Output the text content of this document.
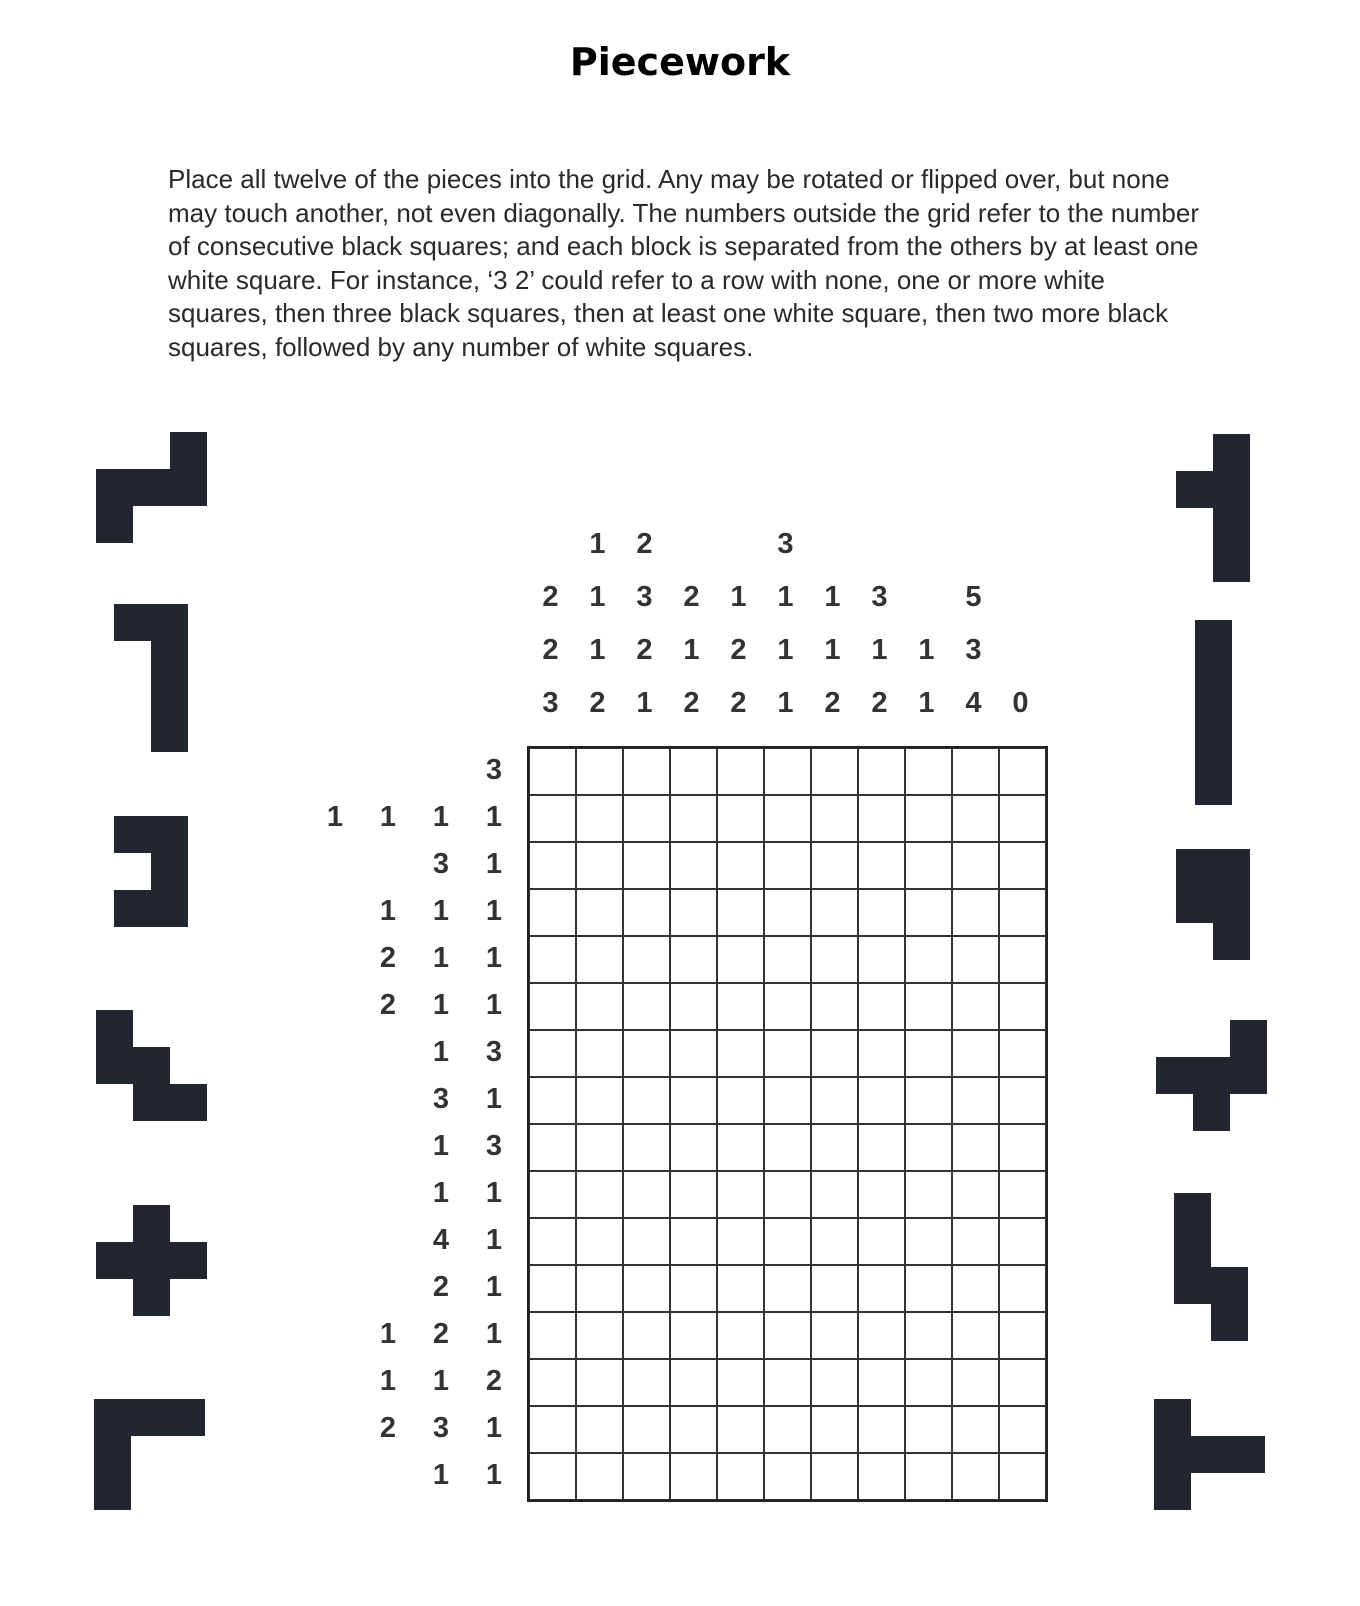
Piecework

Place all twelve of the pieces into the grid. Any may be rotated or flipped over, but none may touch another, not even diagonally. The numbers outside the grid refer to the number of consecutive black squares; and each block is separated from the others by at least one white square. For instance, ‘3 2’ could refer to a row with none, one or more white squares, then three black squares, then at least one white square, then two more black squares, followed by any number of white squares.

2
2
3
1
1
1
2
2
3
2
1
2
1
2
1
2
2
3
1
1
1
1
1
2
3
1
2
1
1
5
3
4 0
3
1 1 1 1
3 1
1 1 1
2 1 1
2 1 1
1 3
3 1
1 3
1 1
4 1
2 1
1 2 1
1 1 2
2 3 1
1 1
